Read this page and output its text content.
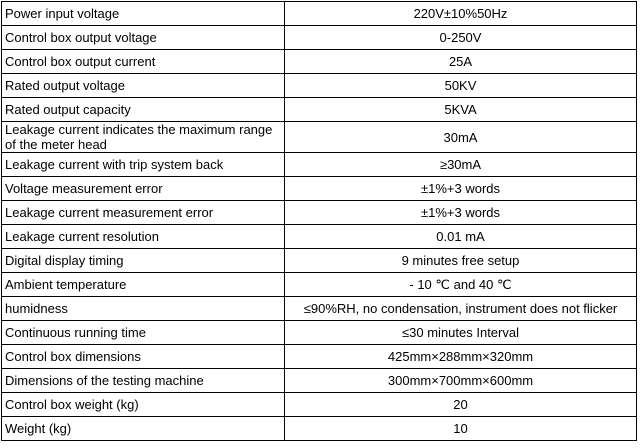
Power input voltage	220V±10%50Hz
Control box output voltage	0-250V
Control box output current	25A
Rated output voltage	50KV
Rated output capacity	5KVA
Leakage current indicates the maximum range of the meter head	30mA
Leakage current with trip system back	≥30mA
Voltage measurement error	±1%+3 words
Leakage current measurement error	±1%+3 words
Leakage current resolution	0.01 mA
Digital display timing	9 minutes free setup
Ambient temperature	- 10 ℃ and 40 ℃
humidness	≤90%RH, no condensation, instrument does not flicker
Continuous running time	≤30 minutes Interval
Control box dimensions	425mm×288mm×320mm
Dimensions of the testing machine	300mm×700mm×600mm
Control box weight (kg)	20
Weight (kg)	10
